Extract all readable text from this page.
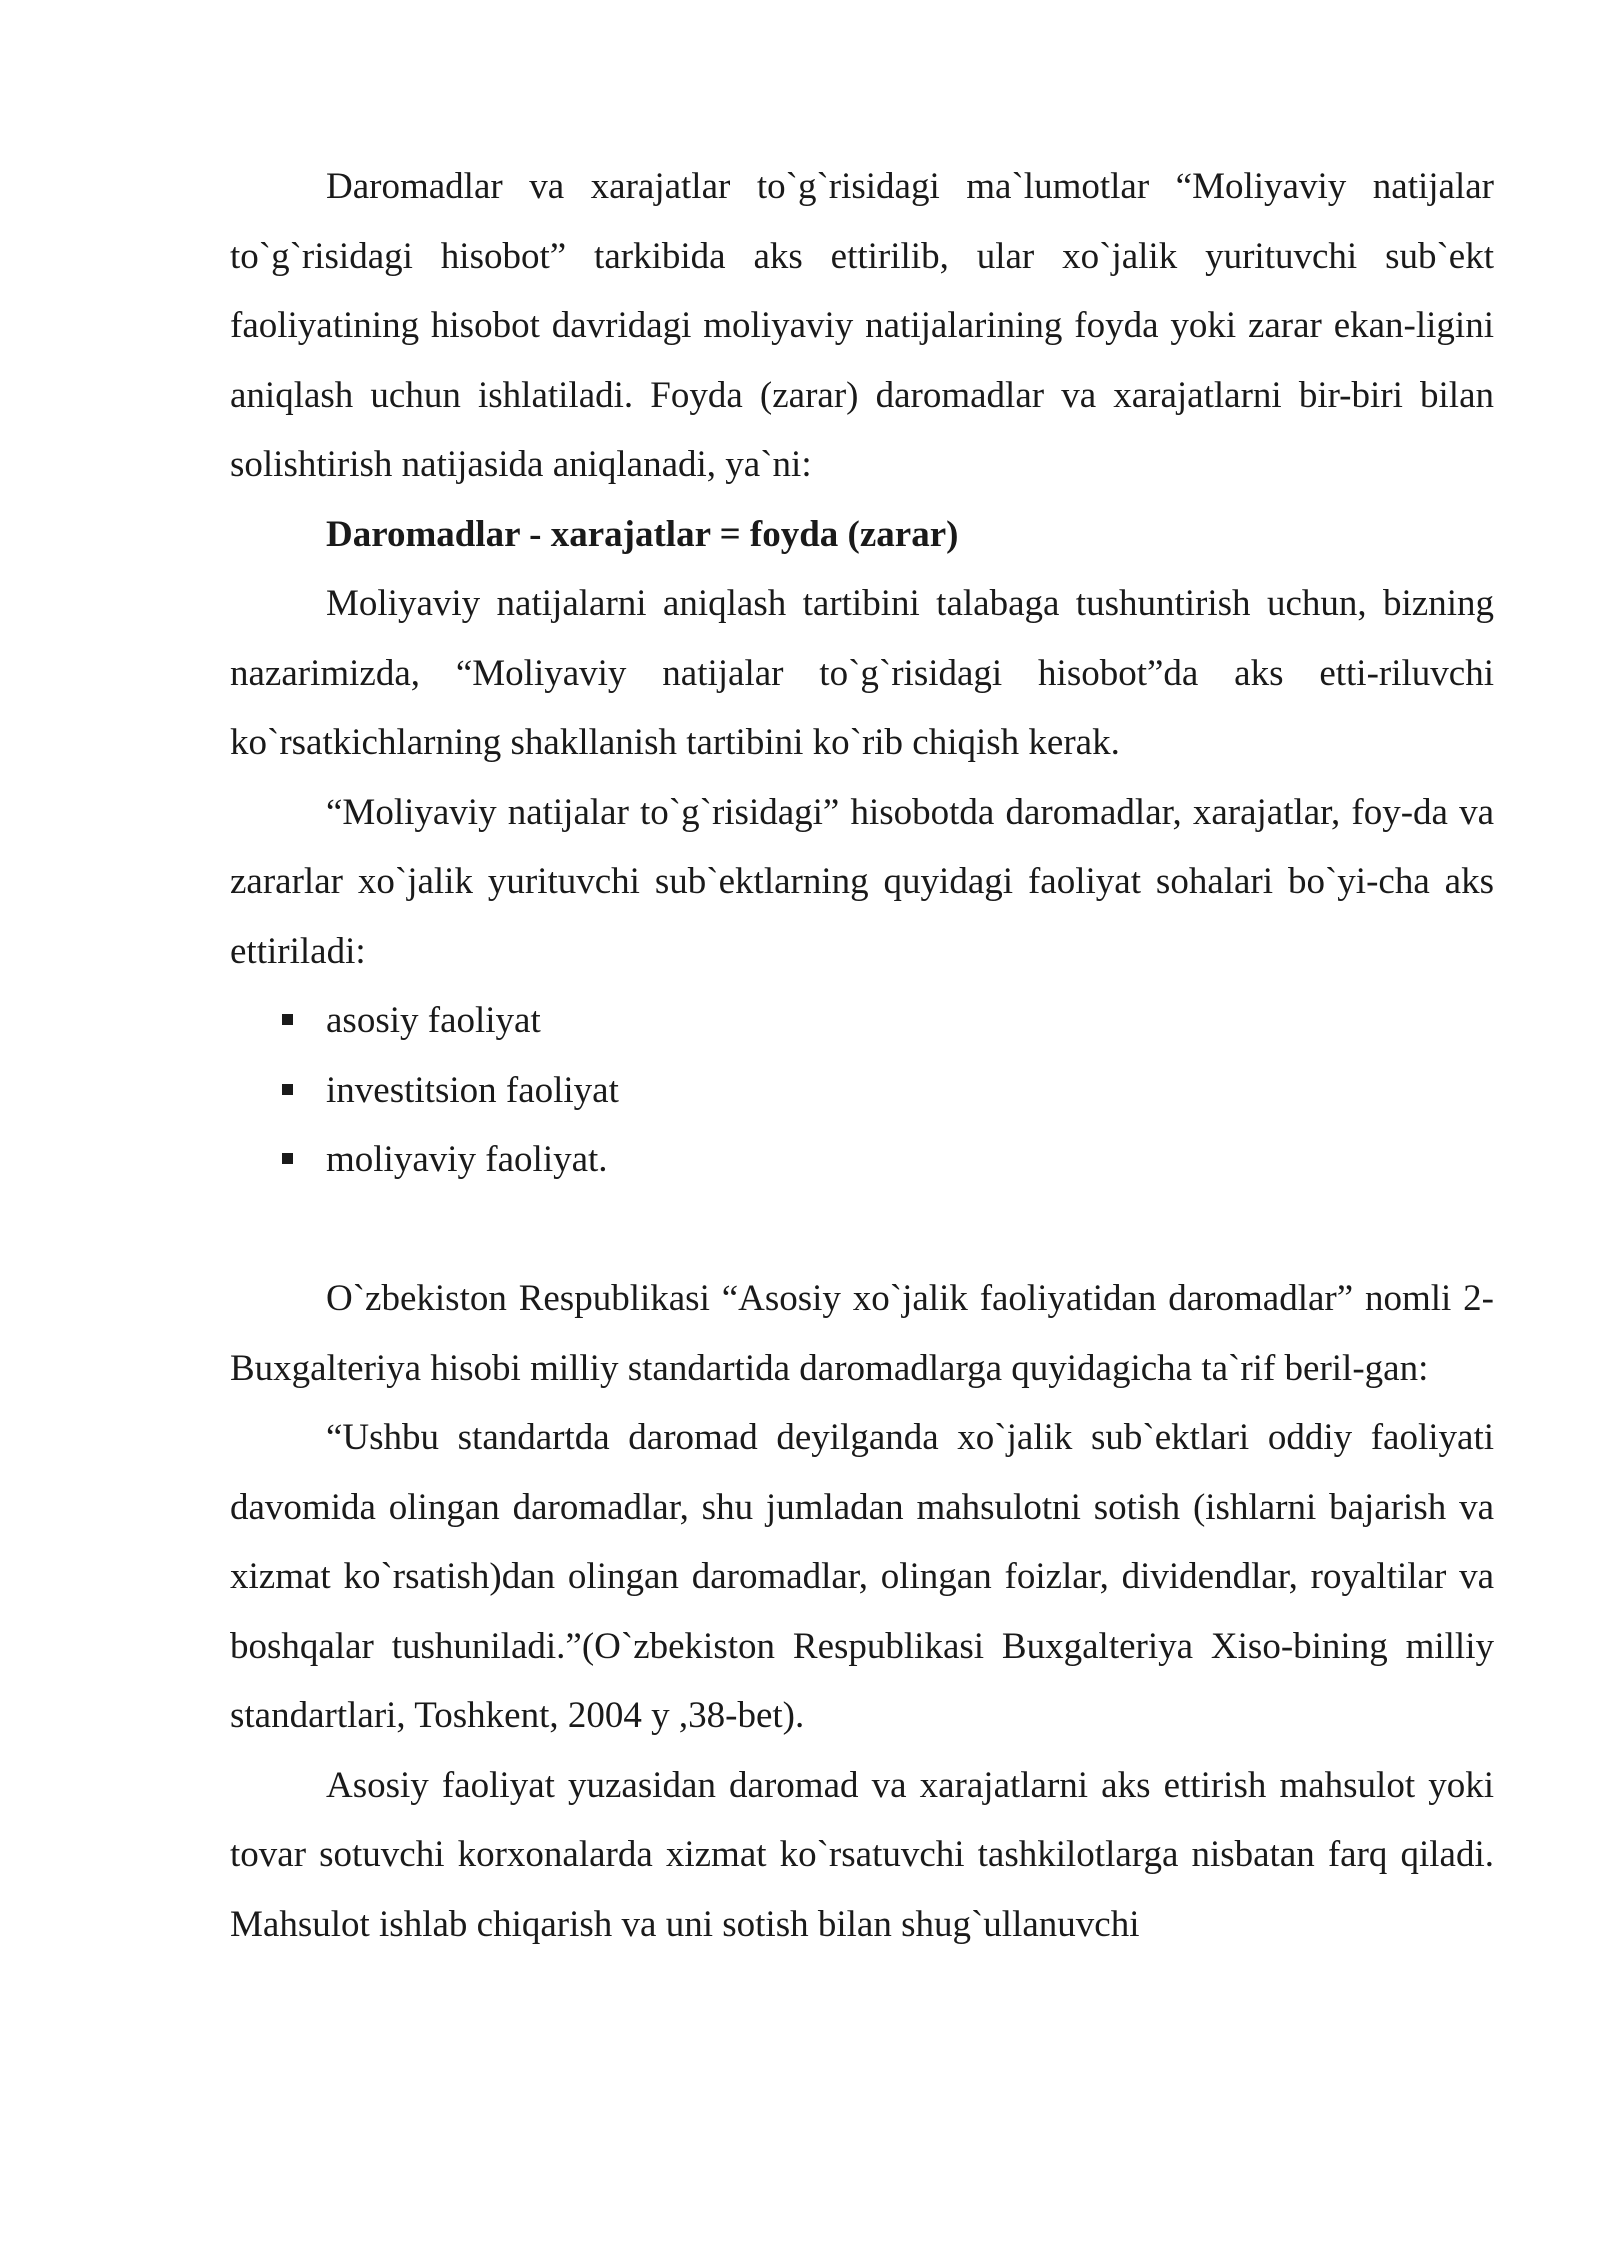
Daromadlar va xarajatlar to`g`risidagi ma`lumotlar “Moliyaviy natijalar to`g`risidagi hisobot” tarkibida aks ettirilib, ular xo`jalik yurituvchi sub`ekt faoliyatining hisobot davridagi moliyaviy natijalarining foyda yoki zarar ekan-ligini aniqlash uchun ishlatiladi. Foyda (zarar) daromadlar va xarajatlarni bir-biri bilan solishtirish natijasida aniqlanadi, ya`ni:

Daromadlar - xarajatlar = foyda (zarar)

Moliyaviy natijalarni aniqlash tartibini talabaga tushuntirish uchun, bizning nazarimizda, “Moliyaviy natijalar to`g`risidagi hisobot”da aks etti-riluvchi ko`rsatkichlarning shakllanish tartibini ko`rib chiqish kerak.

“Moliyaviy natijalar to`g`risidagi” hisobotda daromadlar, xarajatlar, foy-da va zararlar xo`jalik yurituvchi sub`ektlarning quyidagi faoliyat sohalari bo`yi-cha aks ettiriladi:

asosiy faoliyat
investitsion faoliyat
moliyaviy faoliyat.

O`zbekiston Respublikasi “Asosiy xo`jalik faoliyatidan daromadlar” nomli 2-Buxgalteriya hisobi milliy standartida daromadlarga quyidagicha ta`rif beril-gan:

“Ushbu standartda daromad deyilganda xo`jalik sub`ektlari oddiy faoliyati davomida olingan daromadlar, shu jumladan mahsulotni sotish (ishlarni bajarish va xizmat ko`rsatish)dan olingan daromadlar, olingan foizlar, dividendlar, royaltilar va boshqalar tushuniladi.”(O`zbekiston Respublikasi Buxgalteriya Xiso-bining milliy standartlari, Toshkent, 2004 y ,38-bet).

Asosiy faoliyat yuzasidan daromad va xarajatlarni aks ettirish mahsulot yoki tovar sotuvchi korxonalarda xizmat ko`rsatuvchi tashkilotlarga nisbatan farq qiladi. Mahsulot ishlab chiqarish va uni sotish bilan shug`ullanuvchi
